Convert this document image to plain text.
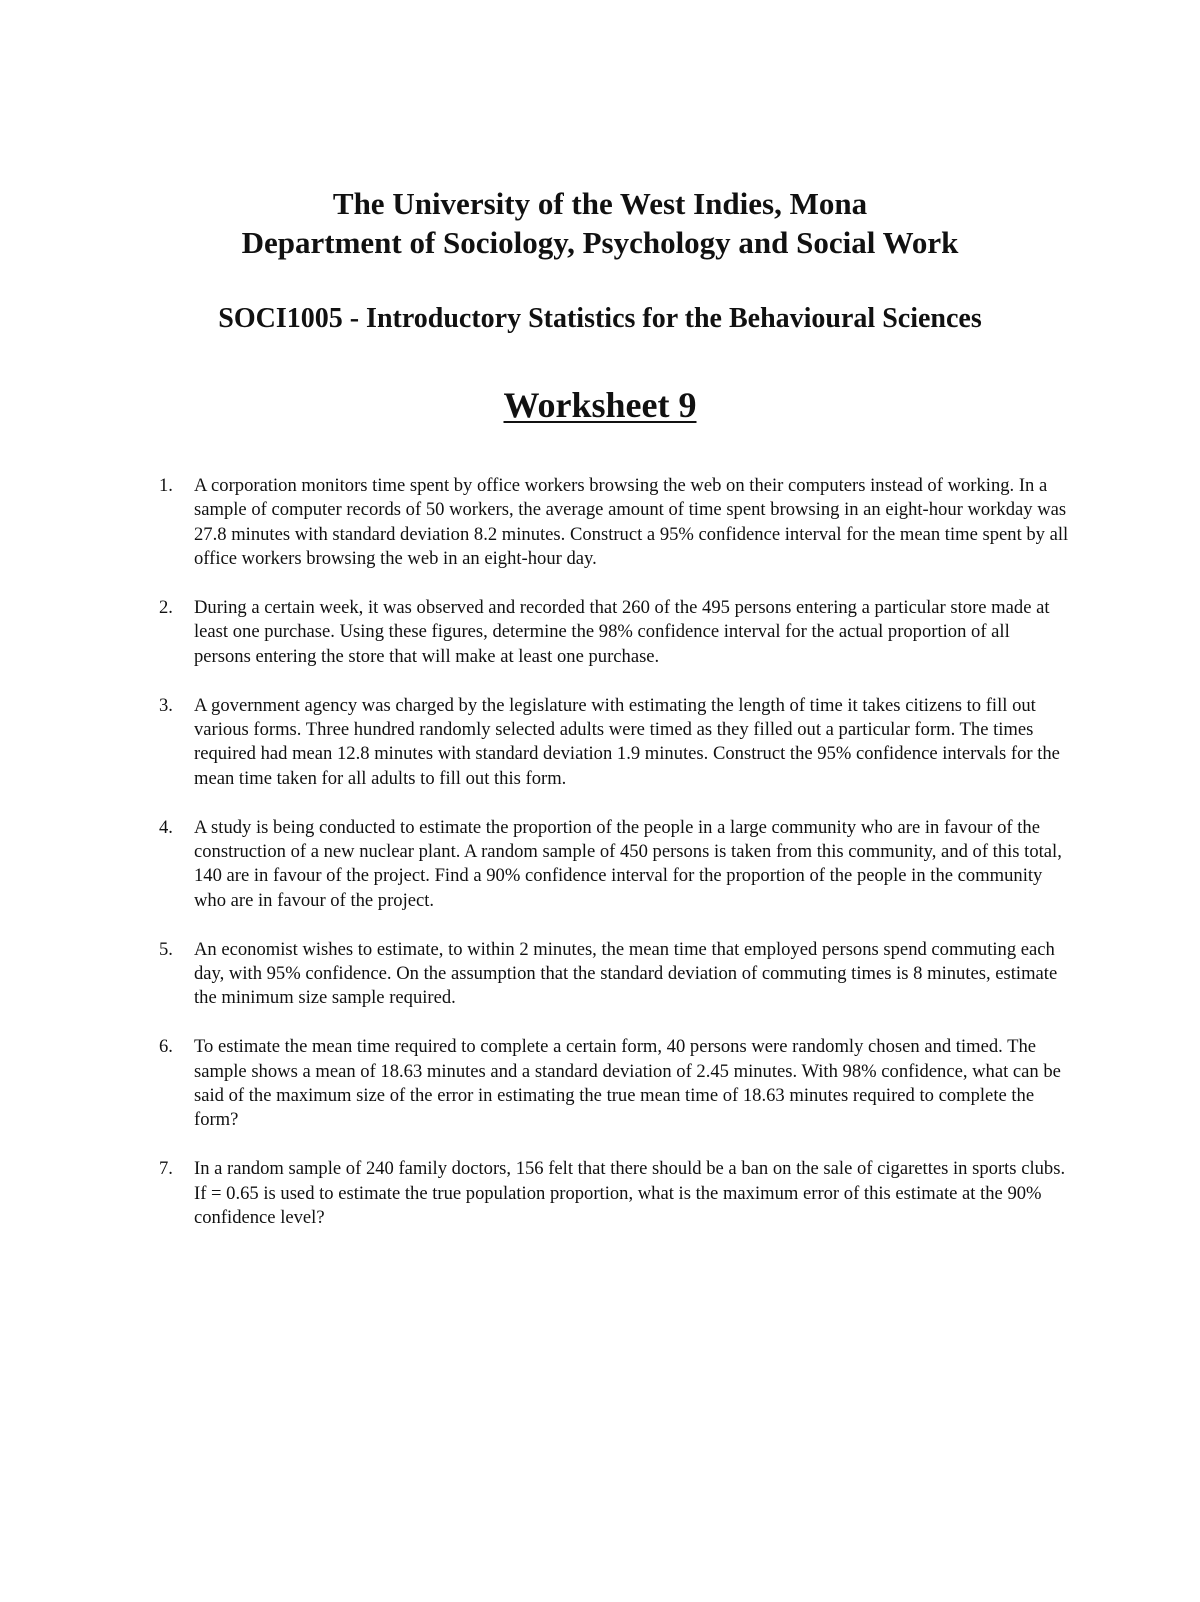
The University of the West Indies, Mona
Department of Sociology, Psychology and Social Work
SOCI1005 - Introductory Statistics for the Behavioural Sciences
Worksheet 9
1.	A corporation monitors time spent by office workers browsing the web on their computers instead of working. In a sample of computer records of 50 workers, the average amount of time spent browsing in an eight-hour workday was 27.8 minutes with standard deviation 8.2 minutes. Construct a 95% confidence interval for the mean time spent by all office workers browsing the web in an eight-hour day.
2.	During a certain week, it was observed and recorded that 260 of the 495 persons entering a particular store made at least one purchase. Using these figures, determine the 98% confidence interval for the actual proportion of all persons entering the store that will make at least one purchase.
3.	A government agency was charged by the legislature with estimating the length of time it takes citizens to fill out various forms. Three hundred randomly selected adults were timed as they filled out a particular form. The times required had mean 12.8 minutes with standard deviation 1.9 minutes. Construct the 95% confidence intervals for the mean time taken for all adults to fill out this form.
4.	A study is being conducted to estimate the proportion of the people in a large community who are in favour of the construction of a new nuclear plant. A random sample of 450 persons is taken from this community, and of this total, 140 are in favour of the project. Find a 90% confidence interval for the proportion of the people in the community who are in favour of the project.
5.	An economist wishes to estimate, to within 2 minutes, the mean time that employed persons spend commuting each day, with 95% confidence. On the assumption that the standard deviation of commuting times is 8 minutes, estimate the minimum size sample required.
6.	To estimate the mean time required to complete a certain form, 40 persons were randomly chosen and timed. The sample shows a mean of 18.63 minutes and a standard deviation of 2.45 minutes. With 98% confidence, what can be said of the maximum size of the error in estimating the true mean time of 18.63 minutes required to complete the form?
7.	In a random sample of 240 family doctors, 156 felt that there should be a ban on the sale of cigarettes in sports clubs. If = 0.65 is used to estimate the true population proportion, what is the maximum error of this estimate at the 90% confidence level?
